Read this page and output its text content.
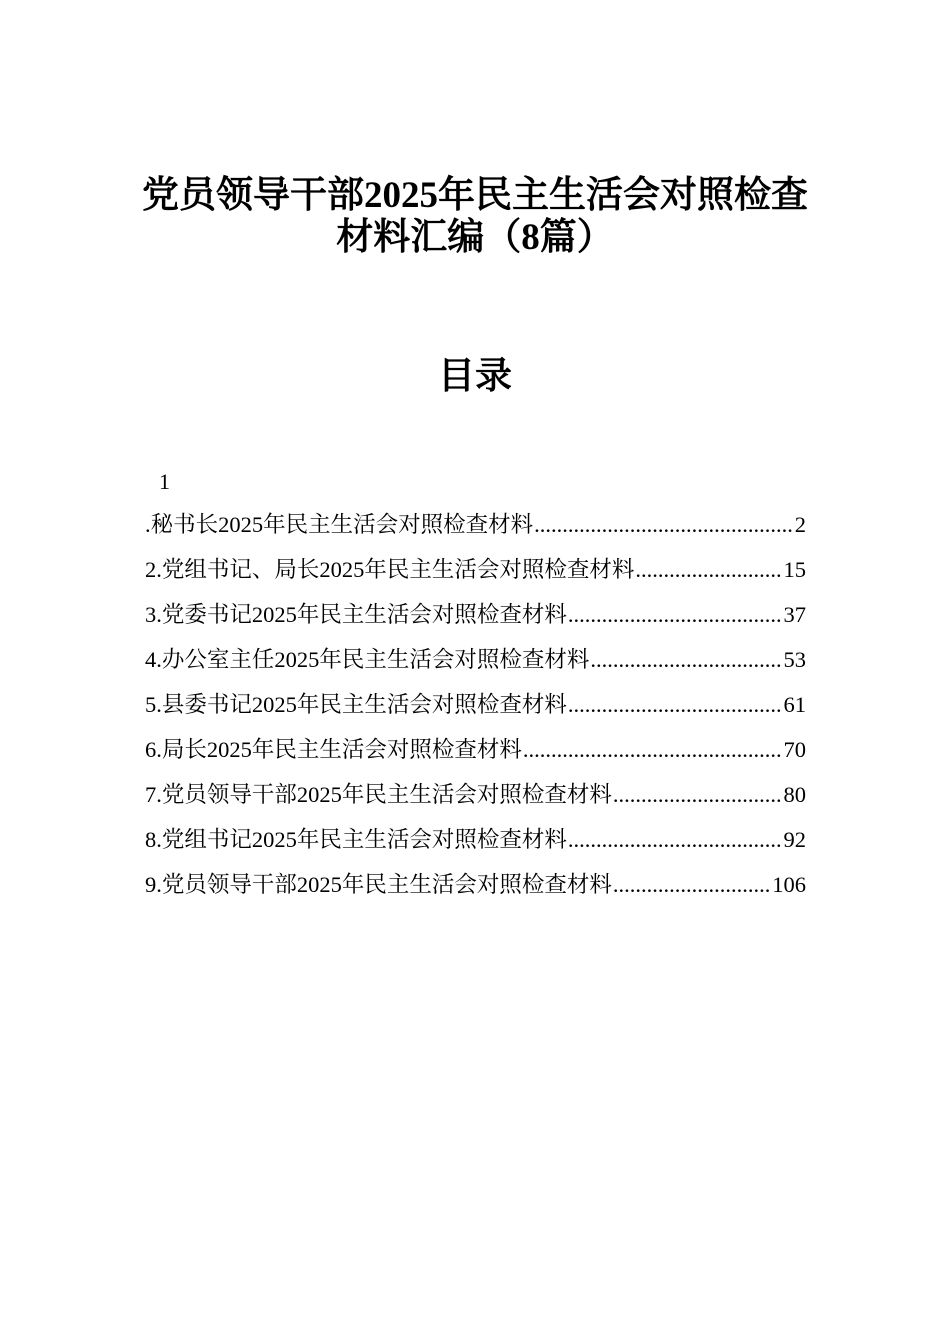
党员领导干部2025年民主生活会对照检查
材料汇编（8篇）
目录
1
.秘书长2025年民主生活会对照检查材料 .....	2
2.党组书记、局长2025年民主生活会对照检查材料 .....	15
3.党委书记2025年民主生活会对照检查材料 .....	37
4.办公室主任2025年民主生活会对照检查材料 .....	53
5.县委书记2025年民主生活会对照检查材料 .....	61
6.局长2025年民主生活会对照检查材料 .....	70
7.党员领导干部2025年民主生活会对照检查材料 .....	80
8.党组书记2025年民主生活会对照检查材料 .....	92
9.党员领导干部2025年民主生活会对照检查材料 .....	106
